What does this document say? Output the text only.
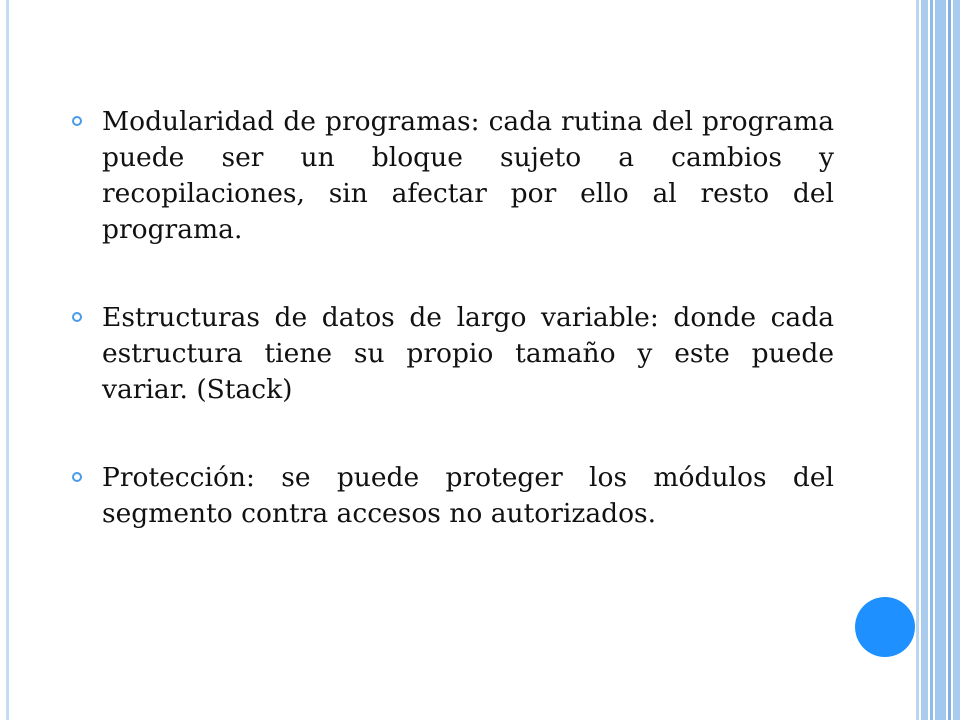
Modularidad de programas: cada rutina del programa puede ser un bloque sujeto a cambios y recopilaciones, sin afectar por ello al resto del programa.
Estructuras de datos de largo variable: donde cada estructura tiene su propio tamaño y este puede variar. (Stack)
Protección: se puede proteger los módulos del segmento contra accesos no autorizados.
